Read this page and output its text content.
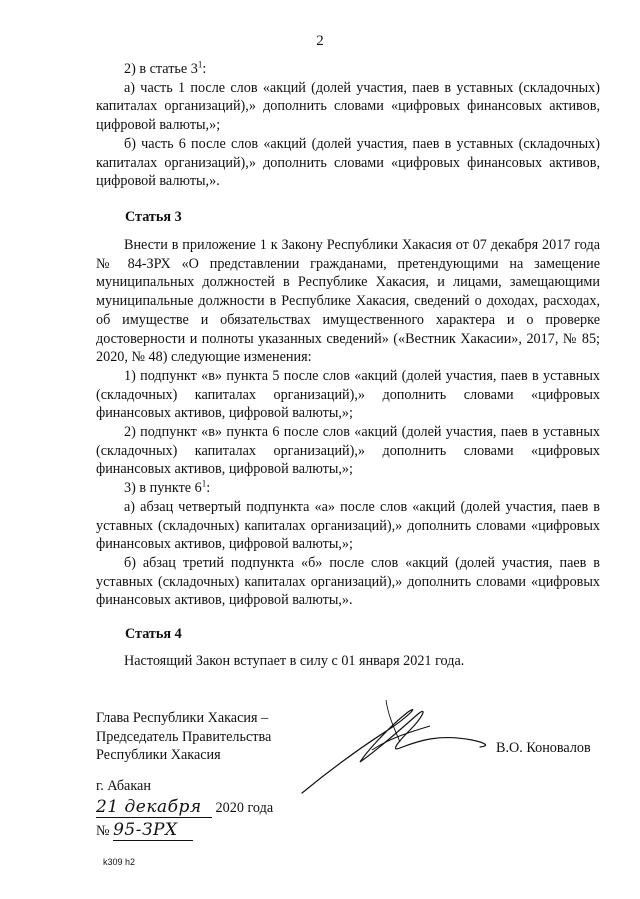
2

2) в статье $3^1$:

а) часть 1 после слов «акций (долей участия, паев в уставных (складочных) капиталах организаций),» дополнить словами «цифровых финансовых активов, цифровой валюты,»;

б) часть 6 после слов «акций (долей участия, паев в уставных (складочных) капиталах организаций),» дополнить словами «цифровых финансовых активов, цифровой валюты,».

Статья 3

Внести в приложение 1 к Закону Республики Хакасия от 07 декабря 2017 года № 84-ЗРХ «О представлении гражданами, претендующими на замещение муниципальных должностей в Республике Хакасия, и лицами, замещающими муниципальные должности в Республике Хакасия, сведений о доходах, расходах, об имуществе и обязательствах имущественного характера и о проверке достоверности и полноты указанных сведений» («Вестник Хакасии», 2017, № 85; 2020, № 48) следующие изменения:

1) подпункт «в» пункта 5 после слов «акций (долей участия, паев в уставных (складочных) капиталах организаций),» дополнить словами «цифровых финансовых активов, цифровой валюты,»;

2) подпункт «в» пункта 6 после слов «акций (долей участия, паев в уставных (складочных) капиталах организаций),» дополнить словами «цифровых финансовых активов, цифровой валюты,»;

3) в пункте $6^1$:

а) абзац четвертый подпункта «а» после слов «акций (долей участия, паев в уставных (складочных) капиталах организаций),» дополнить словами «цифровых финансовых активов, цифровой валюты,»;

б) абзац третий подпункта «б» после слов «акций (долей участия, паев в уставных (складочных) капиталах организаций),» дополнить словами «цифровых финансовых активов, цифровой валюты,».

Статья 4

Настоящий Закон вступает в силу с 01 января 2021 года.

Глава Республики Хакасия –
Председатель Правительства
Республики Хакасия	В.О. Коновалов
г. Абакан
21 декабря 2020 года
№ 95-ЗРХ
k309 h2
